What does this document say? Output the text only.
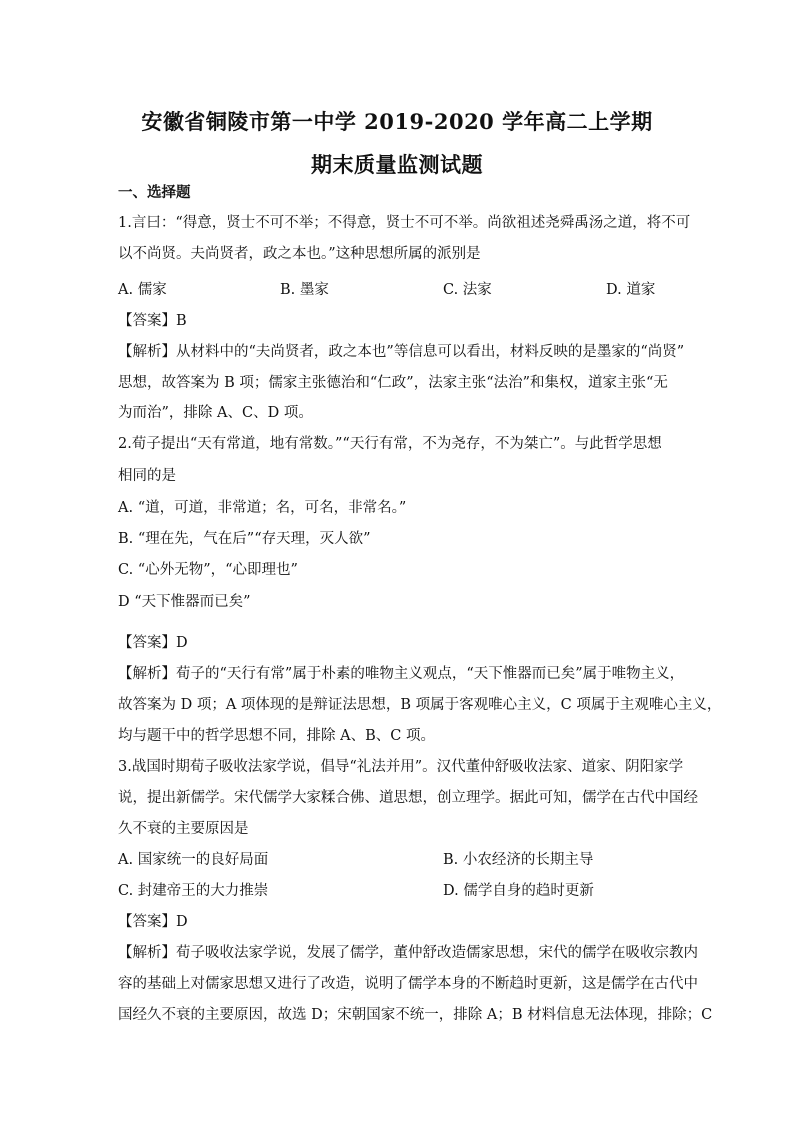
安徽省铜陵市第一中学 2019-2020 学年高二上学期
期末质量监测试题
一、选择题
1.言曰：“得意，贤士不可不举；不得意，贤士不可不举。尚欲祖述尧舜禹汤之道，将不可
以不尚贤。夫尚贤者，政之本也。”这种思想所属的派别是
A. 儒家	B. 墨家	C. 法家	D. 道家
【答案】B
【解析】从材料中的“夫尚贤者，政之本也”等信息可以看出，材料反映的是墨家的“尚贤”
思想，故答案为 B 项；儒家主张德治和“仁政”，法家主张“法治”和集权，道家主张“无
为而治”，排除 A、C、D 项。
2.荀子提出“天有常道，地有常数。”“天行有常，不为尧存，不为桀亡”。与此哲学思想
相同的是
A. “道，可道，非常道；名，可名，非常名。”
B. “理在先，气在后”“存天理，灭人欲”
C. “心外无物”，“心即理也”
D “天下惟器而已矣”
【答案】D
【解析】荀子的“天行有常”属于朴素的唯物主义观点，“天下惟器而已矣”属于唯物主义，
故答案为 D 项；A 项体现的是辩证法思想，B 项属于客观唯心主义，C 项属于主观唯心主义，
均与题干中的哲学思想不同，排除 A、B、C 项。
3.战国时期荀子吸收法家学说，倡导“礼法并用”。汉代董仲舒吸收法家、道家、阴阳家学
说，提出新儒学。宋代儒学大家糅合佛、道思想，创立理学。据此可知，儒学在古代中国经
久不衰的主要原因是
A. 国家统一的良好局面	B. 小农经济的长期主导
C. 封建帝王的大力推崇	D. 儒学自身的趋时更新
【答案】D
【解析】荀子吸收法家学说，发展了儒学，董仲舒改造儒家思想，宋代的儒学在吸收宗教内
容的基础上对儒家思想又进行了改造，说明了儒学本身的不断趋时更新，这是儒学在古代中
国经久不衰的主要原因，故选 D；宋朝国家不统一，排除 A；B 材料信息无法体现，排除；C
